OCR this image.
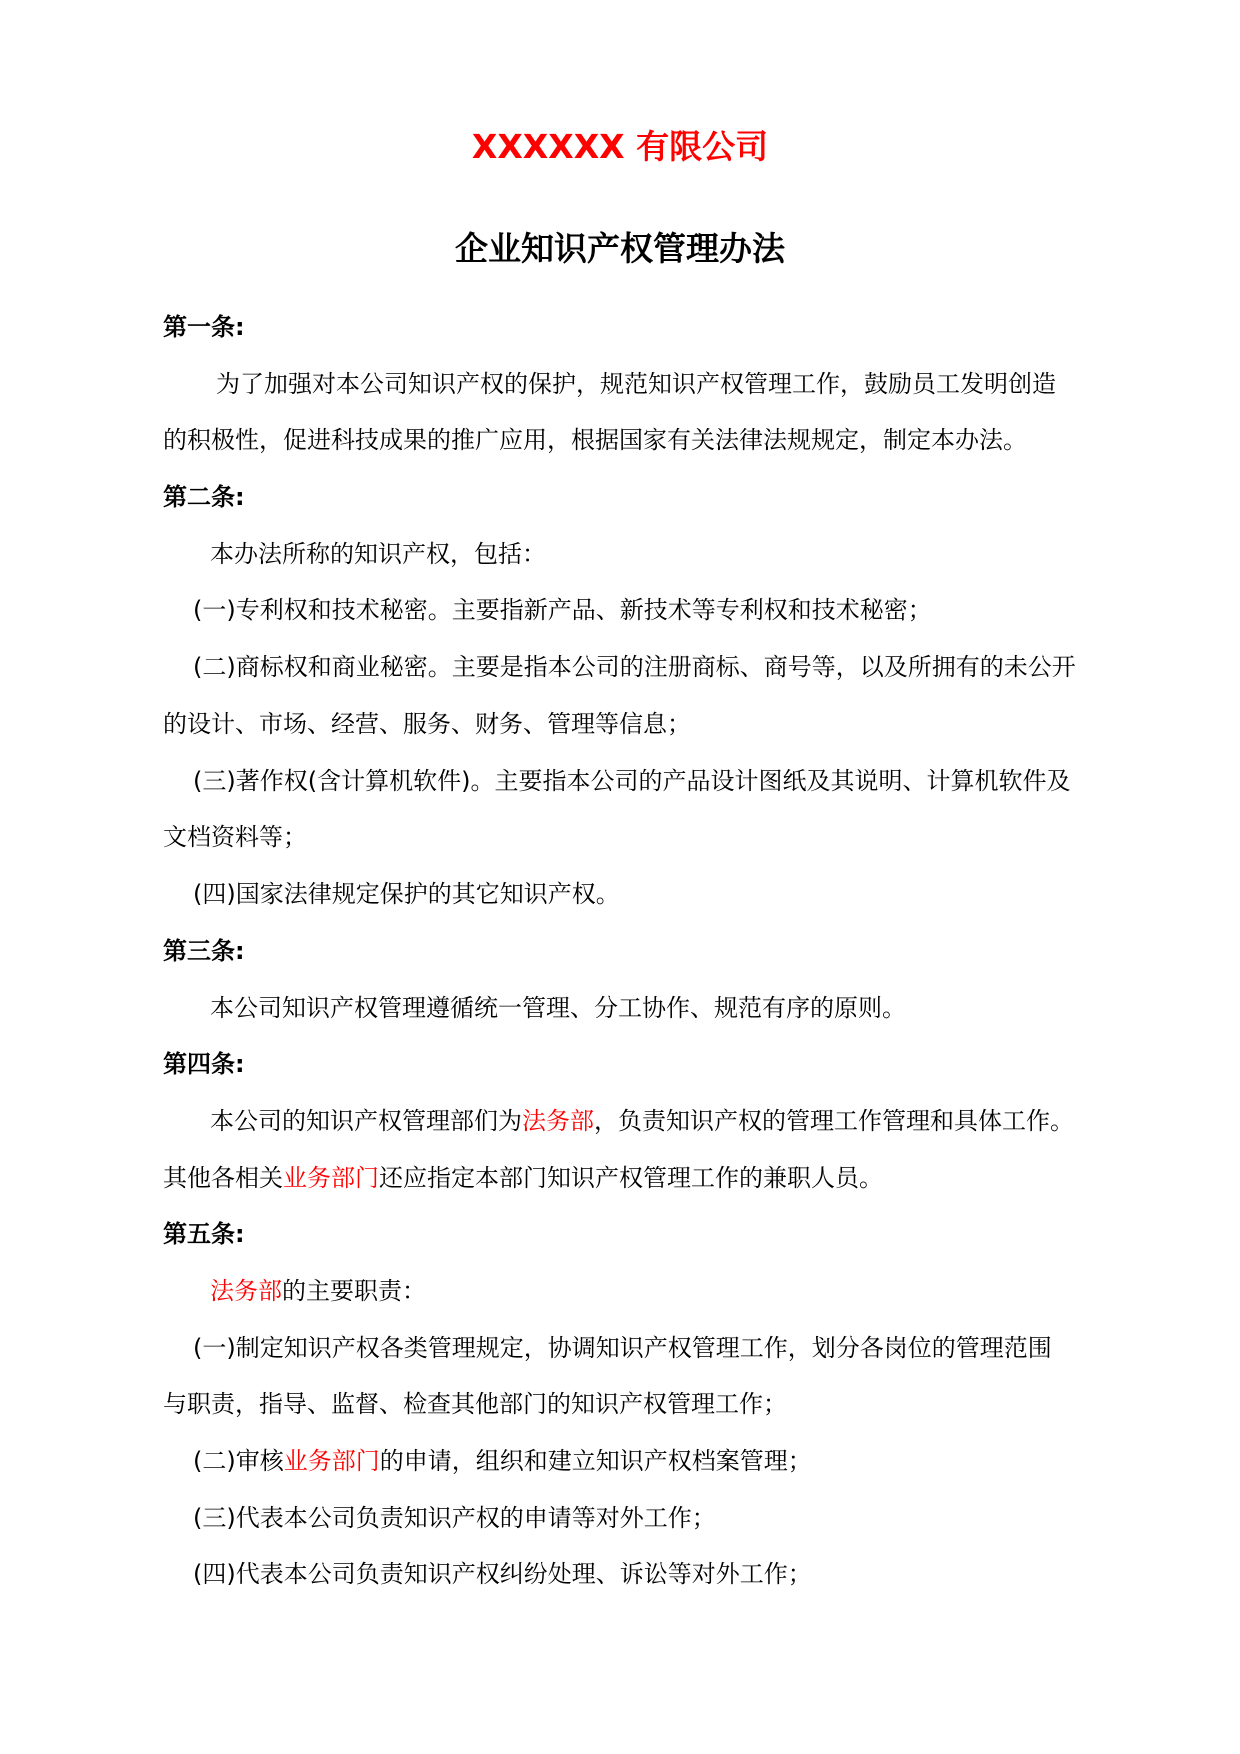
XXXXXX 有限公司
企业知识产权管理办法
第一条:
为了加强对本公司知识产权的保护，规范知识产权管理工作，鼓励员工发明创造
的积极性，促进科技成果的推广应用，根据国家有关法律法规规定，制定本办法。
第二条:
本办法所称的知识产权，包括：
(一)专利权和技术秘密。主要指新产品、新技术等专利权和技术秘密；
(二)商标权和商业秘密。主要是指本公司的注册商标、商号等，以及所拥有的未公开
的设计、市场、经营、服务、财务、管理等信息；
(三)著作权(含计算机软件)。主要指本公司的产品设计图纸及其说明、计算机软件及
文档资料等；
(四)国家法律规定保护的其它知识产权。
第三条:
本公司知识产权管理遵循统一管理、分工协作、规范有序的原则。
第四条:
本公司的知识产权管理部们为法务部，负责知识产权的管理工作管理和具体工作。
其他各相关业务部门还应指定本部门知识产权管理工作的兼职人员。
第五条:
法务部的主要职责：
(一)制定知识产权各类管理规定，协调知识产权管理工作，划分各岗位的管理范围
与职责，指导、监督、检查其他部门的知识产权管理工作；
(二)审核业务部门的申请，组织和建立知识产权档案管理；
(三)代表本公司负责知识产权的申请等对外工作；
(四)代表本公司负责知识产权纠纷处理、诉讼等对外工作；
